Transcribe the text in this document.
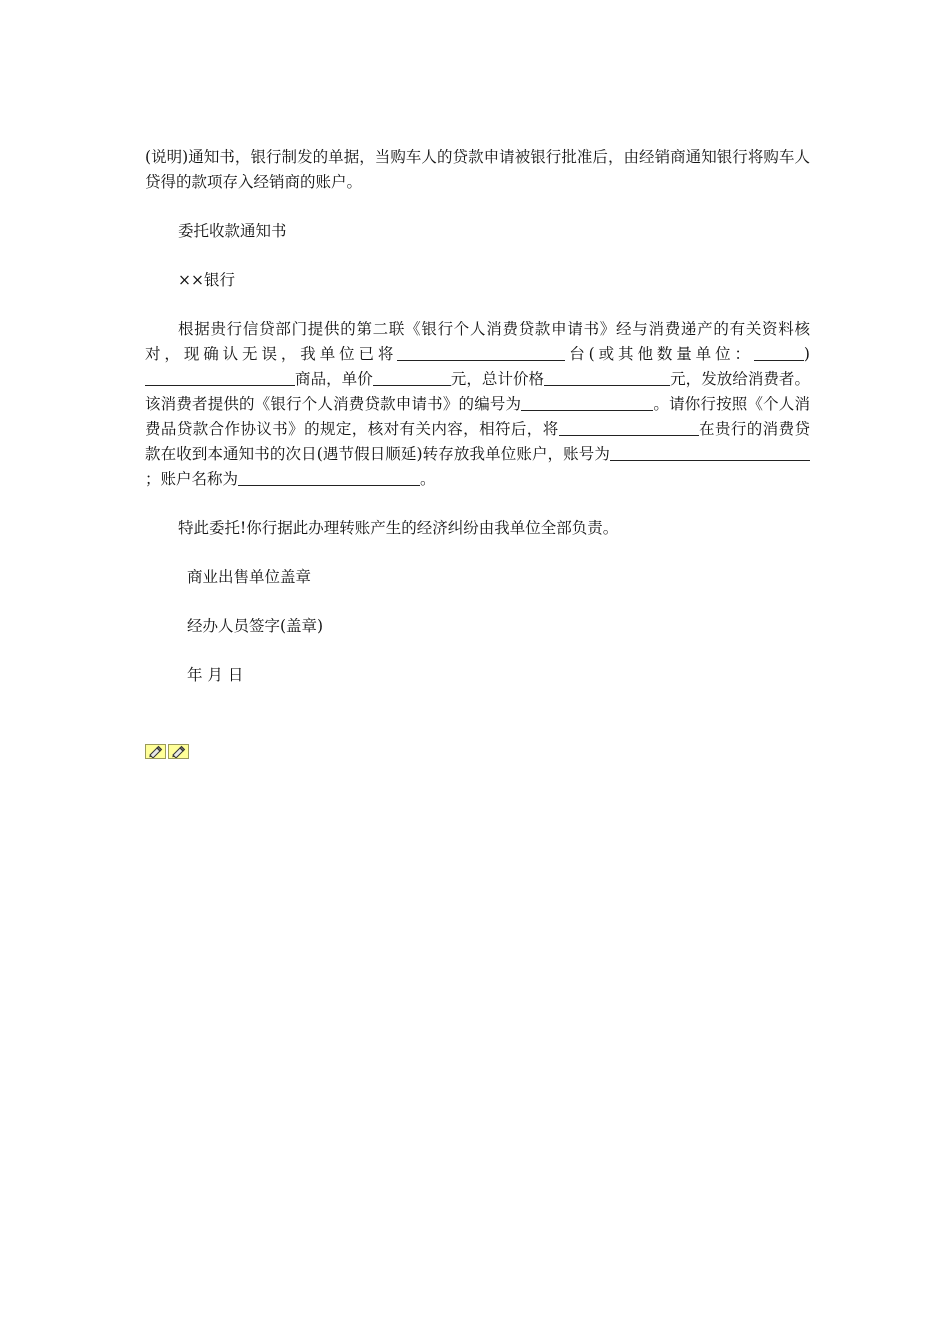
(说明)通知书，银行制发的单据，当购车人的贷款申请被银行批准后，由经销商通知银行将购车人贷得的款项存入经销商的账户。

委托收款通知书

××银行

根据贵行信贷部门提供的第二联《银行个人消费贷款申请书》经与消费递产的有关资料核对，现确认无误，我单位已将	台(或其他数量单位：	)商品，单价	元，总计价格	元，发放给消费者。该消费者提供的《银行个人消费贷款申请书》的编号为	。请你行按照《个人消费品贷款合作协议书》的规定，核对有关内容，相符后，将	在贵行的消费贷款在收到本通知书的次日(遇节假日顺延)转存放我单位账户，账号为；账户名称为	。

特此委托!你行据此办理转账产生的经济纠纷由我单位全部负责。

商业出售单位盖章

经办人员签字(盖章)

年 月 日
